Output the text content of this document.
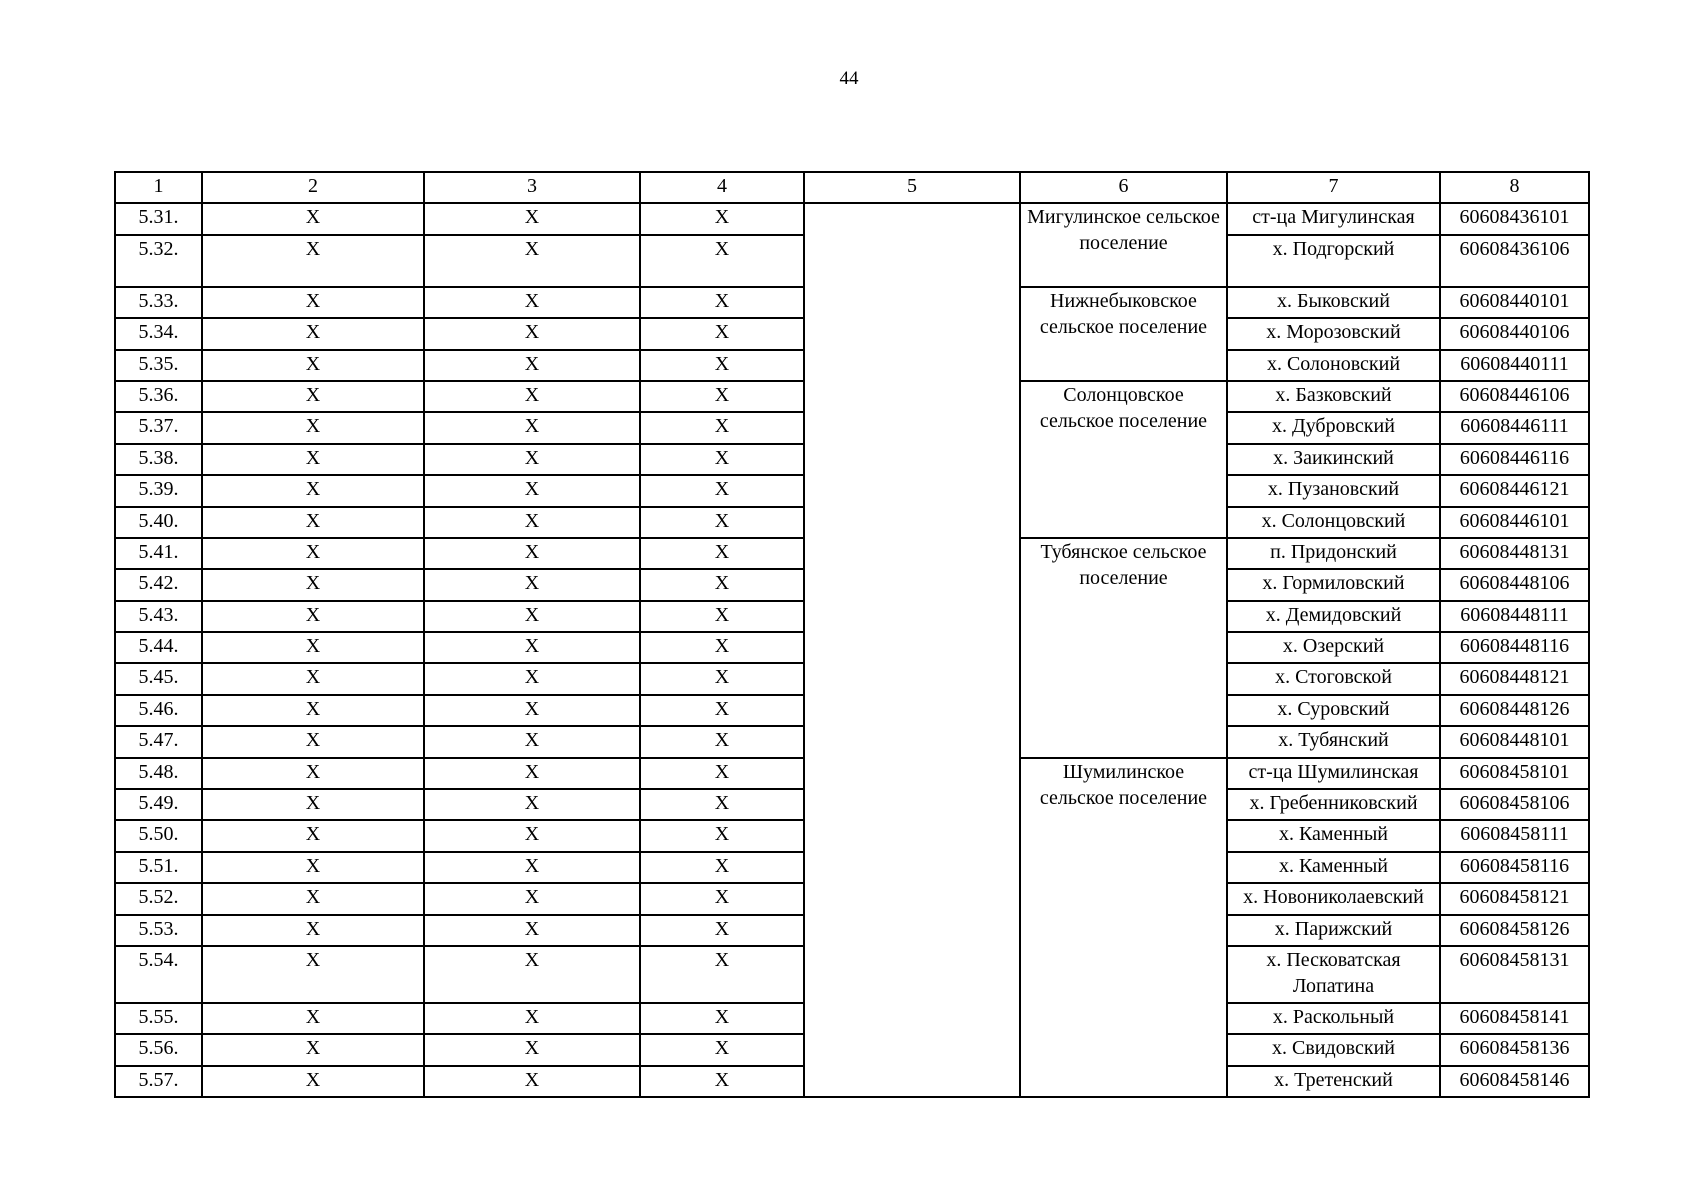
44
1	2	3	4	5	6	7	8
5.31.	X	X	X		Мигулинское сельское поселение	ст-ца Мигулинская	60608436101
5.32.	X	X	X			х. Подгорский	60608436106
5.33.	X	X	X		Нижнебыковское сельское поселение	х. Быковский	60608440101
5.34.	X	X	X			х. Морозовский	60608440106
5.35.	X	X	X			х. Солоновский	60608440111
5.36.	X	X	X		Солонцовское сельское поселение	х. Базковский	60608446106
5.37.	X	X	X			х. Дубровский	60608446111
5.38.	X	X	X			х. Заикинский	60608446116
5.39.	X	X	X			х. Пузановский	60608446121
5.40.	X	X	X			х. Солонцовский	60608446101
5.41.	X	X	X		Тубянское сельское поселение	п. Придонский	60608448131
5.42.	X	X	X			х. Гормиловский	60608448106
5.43.	X	X	X			х. Демидовский	60608448111
5.44.	X	X	X			х. Озерский	60608448116
5.45.	X	X	X			х. Стоговской	60608448121
5.46.	X	X	X			х. Суровский	60608448126
5.47.	X	X	X			х. Тубянский	60608448101
5.48.	X	X	X		Шумилинское сельское поселение	ст-ца Шумилинская	60608458101
5.49.	X	X	X			х. Гребенниковский	60608458106
5.50.	X	X	X			х. Каменный	60608458111
5.51.	X	X	X			х. Каменный	60608458116
5.52.	X	X	X			х. Новониколаевский	60608458121
5.53.	X	X	X			х. Парижский	60608458126
5.54.	X	X	X			х. Песковатская Лопатина	60608458131
5.55.	X	X	X			х. Раскольный	60608458141
5.56.	X	X	X			х. Свидовский	60608458136
5.57.	X	X	X			х. Третенский	60608458146
